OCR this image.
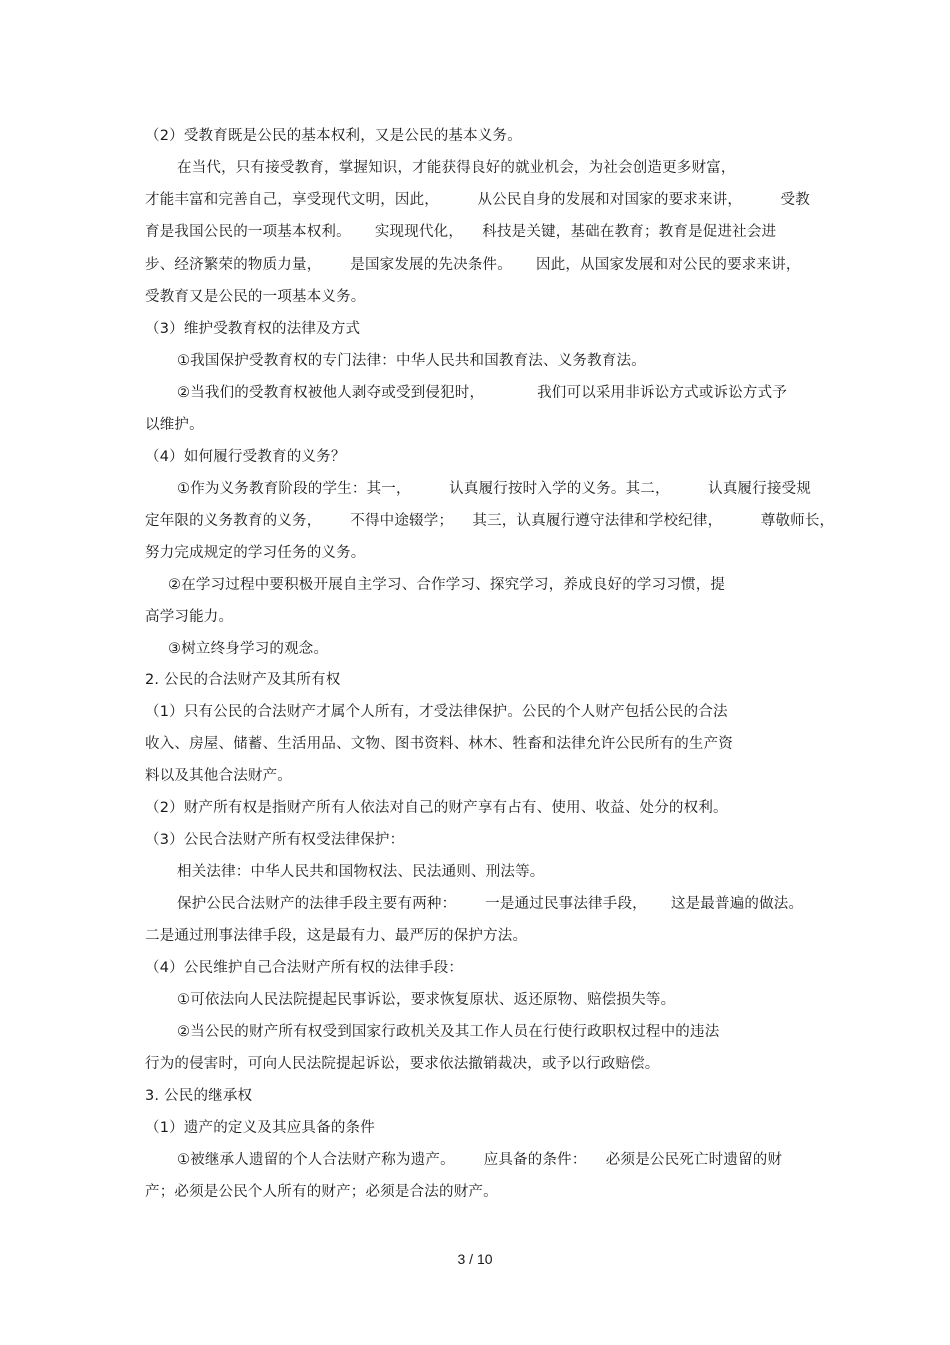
（2）受教育既是公民的基本权利，又是公民的基本义务。
在当代，只有接受教育，掌握知识，才能获得良好的就业机会，为社会创造更多财富，
才能丰富和完善自己，享受现代文明，因此，        从公民自身的发展和对国家的要求来讲，        受教
育是我国公民的一项基本权利。     实现现代化，    科技是关键，基础在教育；教育是促进社会进
步、经济繁荣的物质力量，      是国家发展的先决条件。     因此，从国家发展和对公民的要求来讲，
受教育又是公民的一项基本义务。
（3）维护受教育权的法律及方式
①我国保护受教育权的专门法律：中华人民共和国教育法、义务教育法。
②当我们的受教育权被他人剥夺或受到侵犯时，           我们可以采用非诉讼方式或诉讼方式予
以维护。
（4）如何履行受教育的义务？
①作为义务教育阶段的学生：其一，        认真履行按时入学的义务。其二，        认真履行接受规
定年限的义务教育的义务，      不得中途辍学；    其三，认真履行遵守法律和学校纪律，        尊敬师长，
努力完成规定的学习任务的义务。
②在学习过程中要积极开展自主学习、合作学习、探究学习，养成良好的学习习惯，提
高学习能力。
③树立终身学习的观念。
2. 公民的合法财产及其所有权
（1）只有公民的合法财产才属个人所有，才受法律保护。公民的个人财产包括公民的合法
收入、房屋、储蓄、生活用品、文物、图书资料、林木、牲畜和法律允许公民所有的生产资
料以及其他合法财产。
（2）财产所有权是指财产所有人依法对自己的财产享有占有、使用、收益、处分的权利。
（3）公民合法财产所有权受法律保护：
相关法律：中华人民共和国物权法、民法通则、刑法等。
保护公民合法财产的法律手段主要有两种：      一是通过民事法律手段，     这是最普遍的做法。
二是通过刑事法律手段，这是最有力、最严厉的保护方法。
（4）公民维护自己合法财产所有权的法律手段：
①可依法向人民法院提起民事诉讼，要求恢复原状、返还原物、赔偿损失等。
②当公民的财产所有权受到国家行政机关及其工作人员在行使行政职权过程中的违法
行为的侵害时，可向人民法院提起诉讼，要求依法撤销裁决，或予以行政赔偿。
3. 公民的继承权
（1）遗产的定义及其应具备的条件
①被继承人遗留的个人合法财产称为遗产。      应具备的条件：    必须是公民死亡时遗留的财
产；必须是公民个人所有的财产；必须是合法的财产。
3 / 10
